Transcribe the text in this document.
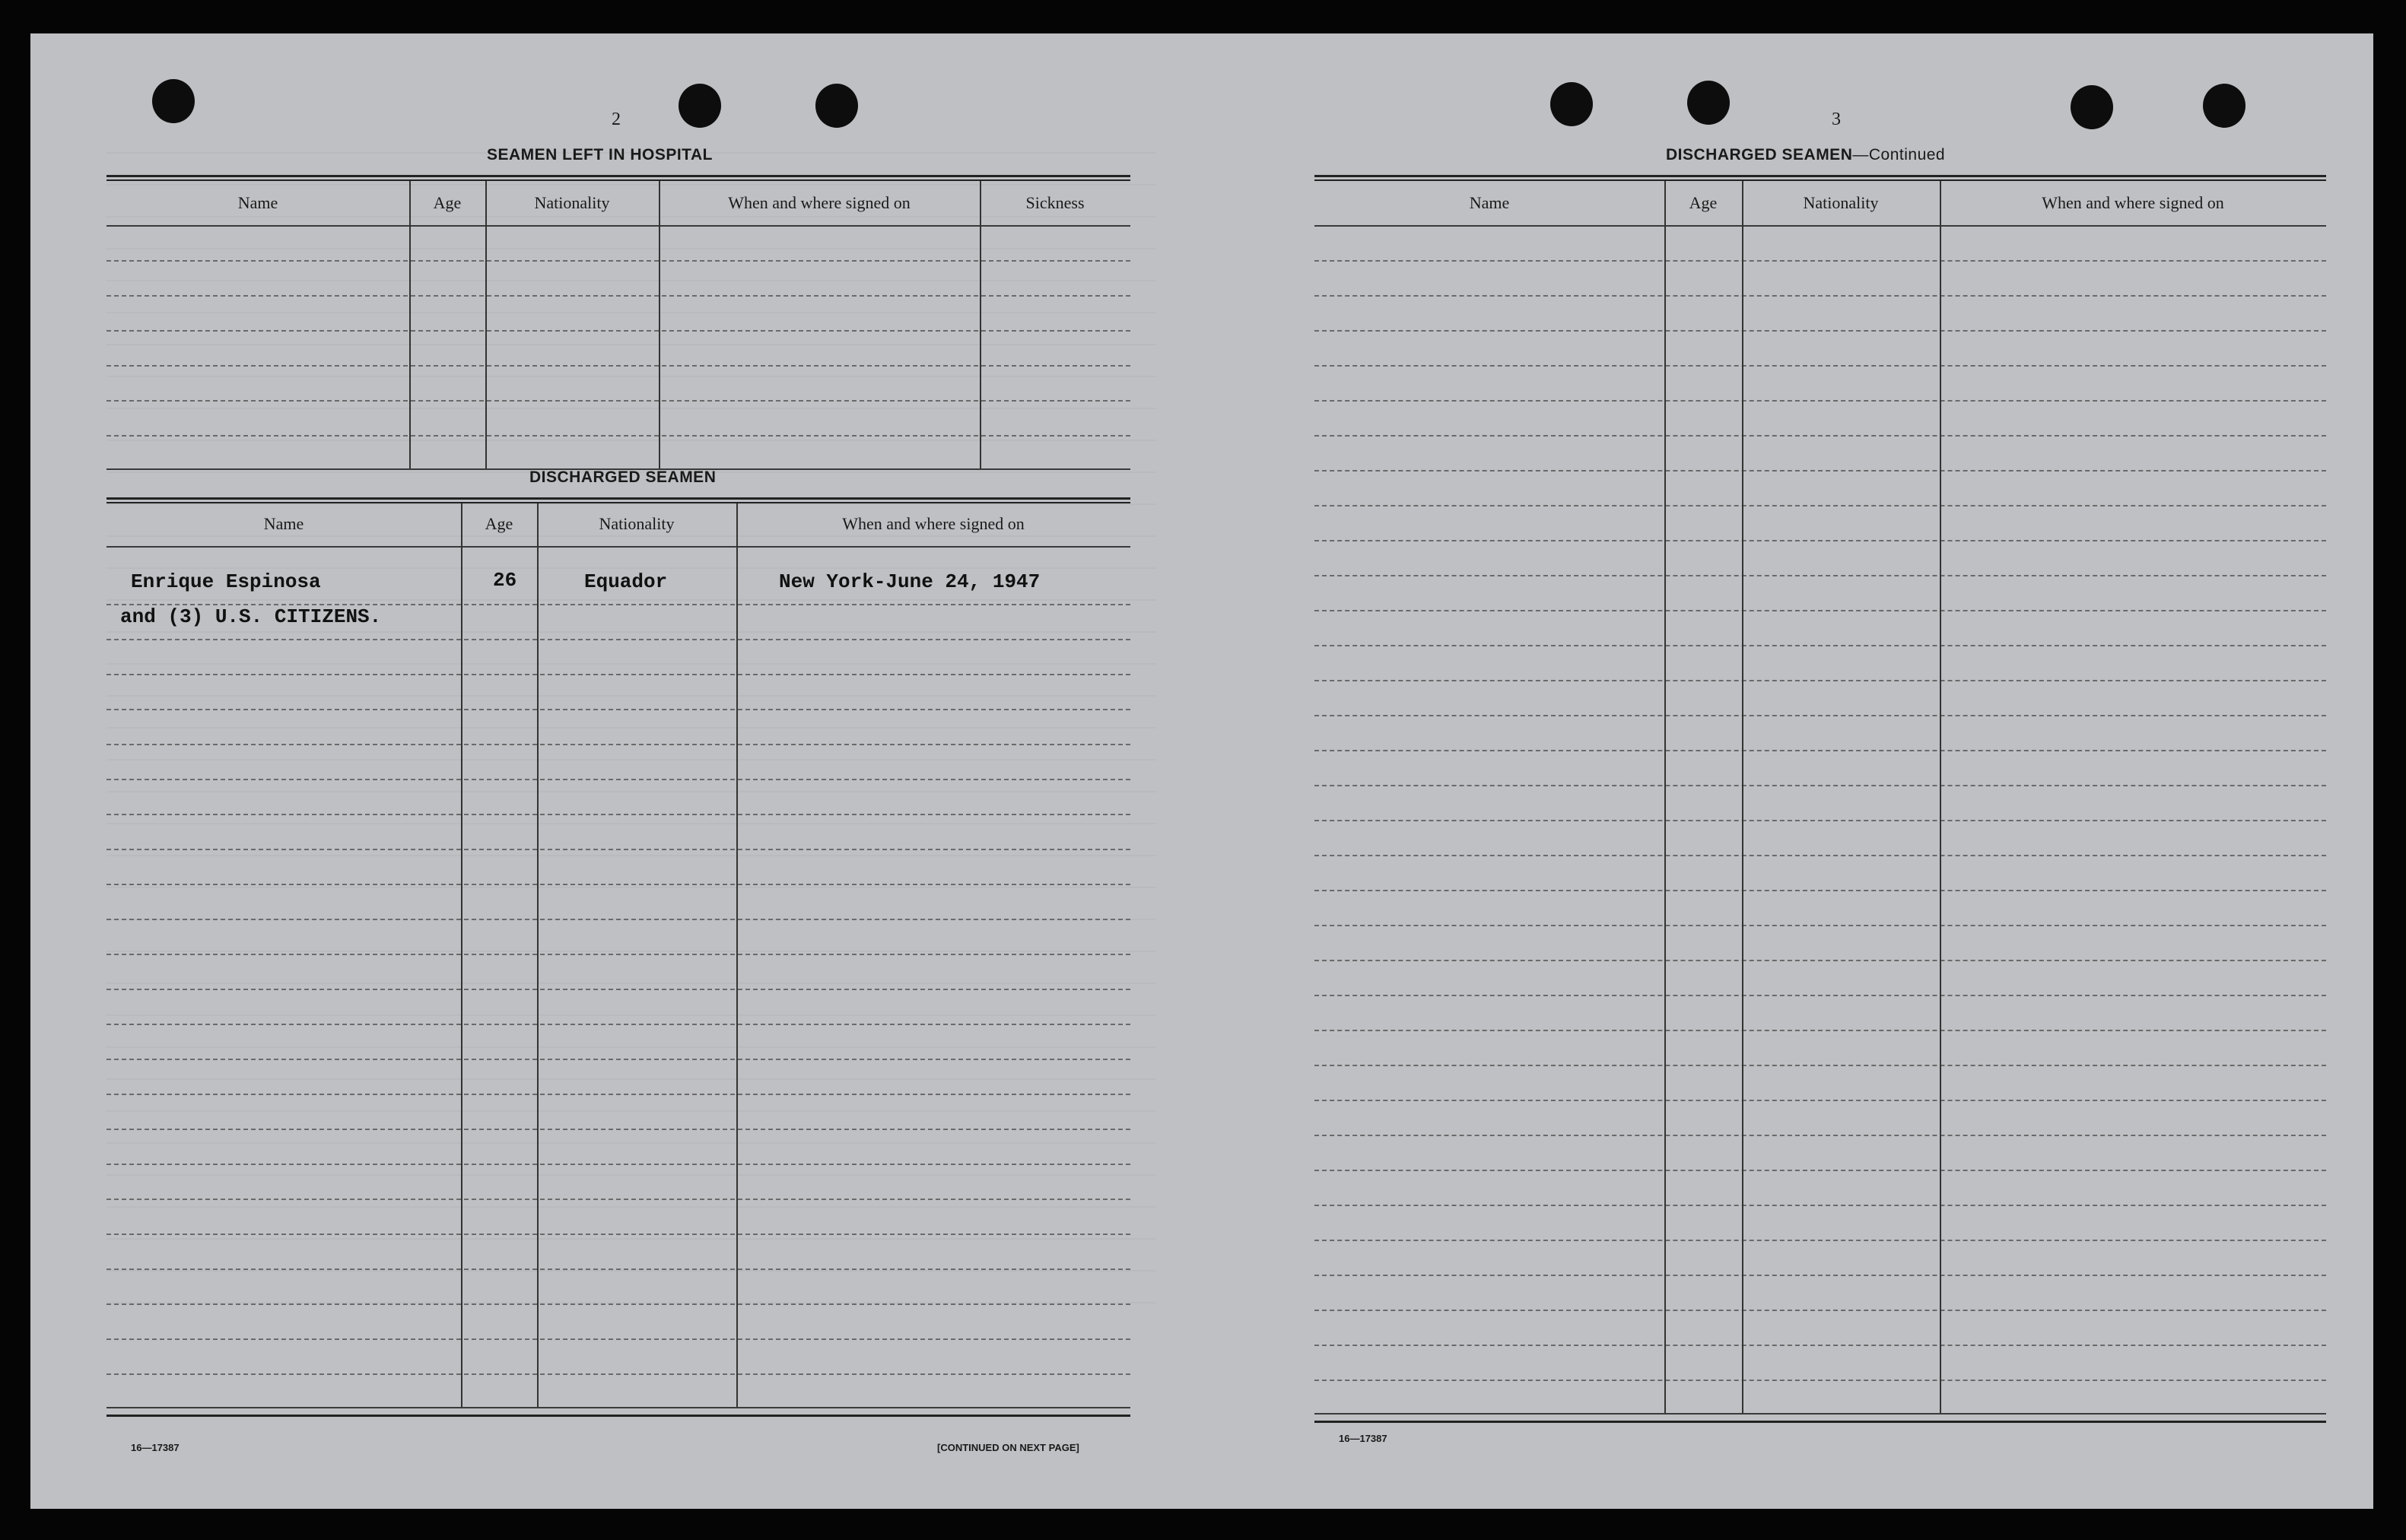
2
SEAMEN LEFT IN HOSPITAL
Name	Age	Nationality	When and where signed on	Sickness
DISCHARGED SEAMEN
Name	Age	Nationality	When and where signed on
Enrique Espinosa	26	Equador	New York-June 24, 1947
and (3) U.S. CITIZENS.
16—17387	[CONTINUED ON NEXT PAGE]
3
DISCHARGED SEAMEN—Continued
Name	Age	Nationality	When and where signed on
16—17387
